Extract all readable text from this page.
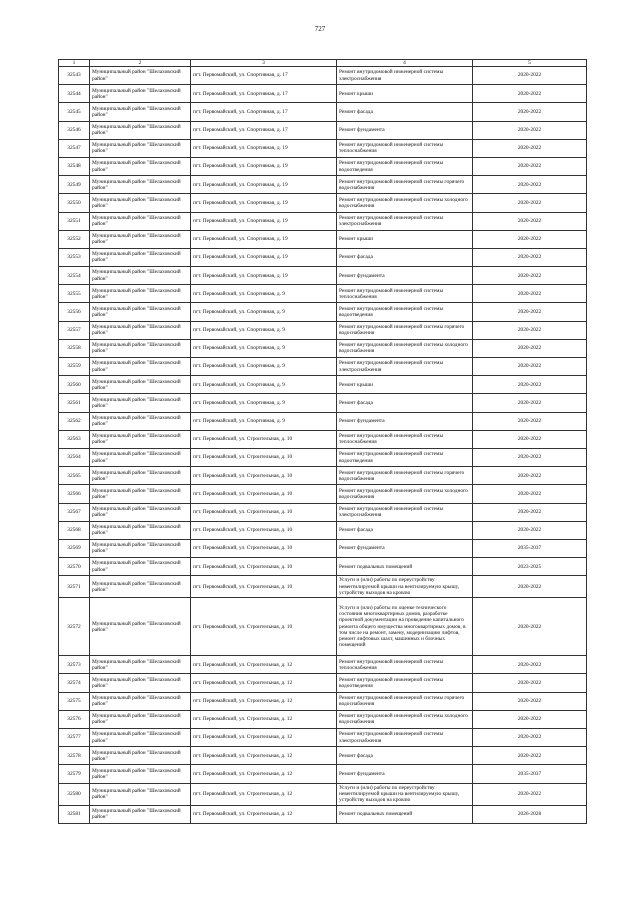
727
1	2	3	4	5
32543	Муниципальный район "Шелаховский район"	пгт. Первомайский, ул. Спортивная, д. 17	Ремонт внутридомовой инженерной системы электроснабжения	2020-2022
32544	Муниципальный район "Шелаховский район"	пгт. Первомайский, ул. Спортивная, д. 17	Ремонт крыши	2020-2022
32545	Муниципальный район "Шелаховский район"	пгт. Первомайский, ул. Спортивная, д. 17	Ремонт фасада	2020-2022
32546	Муниципальный район "Шелаховский район"	пгт. Первомайский, ул. Спортивная, д. 17	Ремонт фундамента	2020-2022
32547	Муниципальный район "Шелаховский район"	пгт. Первомайский, ул. Спортивная, д. 19	Ремонт внутридомовой инженерной системы теплоснабжения	2020-2022
32548	Муниципальный район "Шелаховский район"	пгт. Первомайский, ул. Спортивная, д. 19	Ремонт внутридомовой инженерной системы водоотведения	2020-2022
32549	Муниципальный район "Шелаховский район"	пгт. Первомайский, ул. Спортивная, д. 19	Ремонт внутридомовой инженерной системы горячего водоснабжения	2020-2022
32550	Муниципальный район "Шелаховский район"	пгт. Первомайский, ул. Спортивная, д. 19	Ремонт внутридомовой инженерной системы холодного водоснабжения	2020-2022
32551	Муниципальный район "Шелаховский район"	пгт. Первомайский, ул. Спортивная, д. 19	Ремонт внутридомовой инженерной системы электроснабжения	2020-2022
32552	Муниципальный район "Шелаховский район"	пгт. Первомайский, ул. Спортивная, д. 19	Ремонт крыши	2020-2022
32553	Муниципальный район "Шелаховский район"	пгт. Первомайский, ул. Спортивная, д. 19	Ремонт фасада	2020-2022
32554	Муниципальный район "Шелаховский район"	пгт. Первомайский, ул. Спортивная, д. 19	Ремонт фундамента	2020-2022
32555	Муниципальный район "Шелаховский район"	пгт. Первомайский, ул. Спортивная, д. 9	Ремонт внутридомовой инженерной системы теплоснабжения	2020-2022
32556	Муниципальный район "Шелаховский район"	пгт. Первомайский, ул. Спортивная, д. 9	Ремонт внутридомовой инженерной системы водоотведения	2020-2022
32557	Муниципальный район "Шелаховский район"	пгт. Первомайский, ул. Спортивная, д. 9	Ремонт внутридомовой инженерной системы горячего водоснабжения	2020-2022
32558	Муниципальный район "Шелаховский район"	пгт. Первомайский, ул. Спортивная, д. 9	Ремонт внутридомовой инженерной системы холодного водоснабжения	2020-2022
32559	Муниципальный район "Шелаховский район"	пгт. Первомайский, ул. Спортивная, д. 9	Ремонт внутридомовой инженерной системы электроснабжения	2020-2022
32560	Муниципальный район "Шелаховский район"	пгт. Первомайский, ул. Спортивная, д. 9	Ремонт крыши	2020-2022
32561	Муниципальный район "Шелаховский район"	пгт. Первомайский, ул. Спортивная, д. 9	Ремонт фасада	2020-2022
32562	Муниципальный район "Шелаховский район"	пгт. Первомайский, ул. Спортивная, д. 9	Ремонт фундамента	2020-2022
32563	Муниципальный район "Шелаховский район"	пгт. Первомайский, ул. Строительная, д. 10	Ремонт внутридомовой инженерной системы теплоснабжения	2020-2022
32564	Муниципальный район "Шелаховский район"	пгт. Первомайский, ул. Строительная, д. 10	Ремонт внутридомовой инженерной системы водоотведения	2020-2022
32565	Муниципальный район "Шелаховский район"	пгт. Первомайский, ул. Строительная, д. 10	Ремонт внутридомовой инженерной системы горячего водоснабжения	2020-2022
32566	Муниципальный район "Шелаховский район"	пгт. Первомайский, ул. Строительная, д. 10	Ремонт внутридомовой инженерной системы холодного водоснабжения	2020-2022
32567	Муниципальный район "Шелаховский район"	пгт. Первомайский, ул. Строительная, д. 10	Ремонт внутридомовой инженерной системы электроснабжения	2020-2022
32568	Муниципальный район "Шелаховский район"	пгт. Первомайский, ул. Строительная, д. 10	Ремонт фасада	2020-2022
32569	Муниципальный район "Шелаховский район"	пгт. Первомайский, ул. Строительная, д. 10	Ремонт фундамента	2035-2037
32570	Муниципальный район "Шелаховский район"	пгт. Первомайский, ул. Строительная, д. 10	Ремонт подвальных помещений	2023-2025
32571	Муниципальный район "Шелаховский район"	пгт. Первомайский, ул. Строительная, д. 10	Услуги и (или) работы по переустройству невентилируемой крыши на вентилируемую крышу, устройству выходов на кровлю	2020-2022
32572	Муниципальный район "Шелаховский район"	пгт. Первомайский, ул. Строительная, д. 10	Услуги и (или) работы по оценке технического состояния многоквартирных домов, разработке проектной документации на проведение капитального ремонта общего имущества многоквартирных домов, в том числе на ремонт, замену, модернизацию лифтов, ремонт лифтовых шахт, машинных и блочных помещений	2020-2022
32573	Муниципальный район "Шелаховский район"	пгт. Первомайский, ул. Строительная, д. 12	Ремонт внутридомовой инженерной системы теплоснабжения	2020-2022
32574	Муниципальный район "Шелаховский район"	пгт. Первомайский, ул. Строительная, д. 12	Ремонт внутридомовой инженерной системы водоотведения	2020-2022
32575	Муниципальный район "Шелаховский район"	пгт. Первомайский, ул. Строительная, д. 12	Ремонт внутридомовой инженерной системы горячего водоснабжения	2020-2022
32576	Муниципальный район "Шелаховский район"	пгт. Первомайский, ул. Строительная, д. 12	Ремонт внутридомовой инженерной системы холодного водоснабжения	2020-2022
32577	Муниципальный район "Шелаховский район"	пгт. Первомайский, ул. Строительная, д. 12	Ремонт внутридомовой инженерной системы электроснабжения	2020-2022
32578	Муниципальный район "Шелаховский район"	пгт. Первомайский, ул. Строительная, д. 12	Ремонт фасада	2020-2022
32579	Муниципальный район "Шелаховский район"	пгт. Первомайский, ул. Строительная, д. 12	Ремонт фундамента	2035-2037
32580	Муниципальный район "Шелаховский район"	пгт. Первомайский, ул. Строительная, д. 12	Услуги и (или) работы по переустройству невентилируемой крыши на вентилируемую крышу, устройству выходов на кровлю	2020-2022
32581	Муниципальный район "Шелаховский район"	пгт. Первомайский, ул. Строительная, д. 12	Ремонт подвальных помещений	2026-2028
